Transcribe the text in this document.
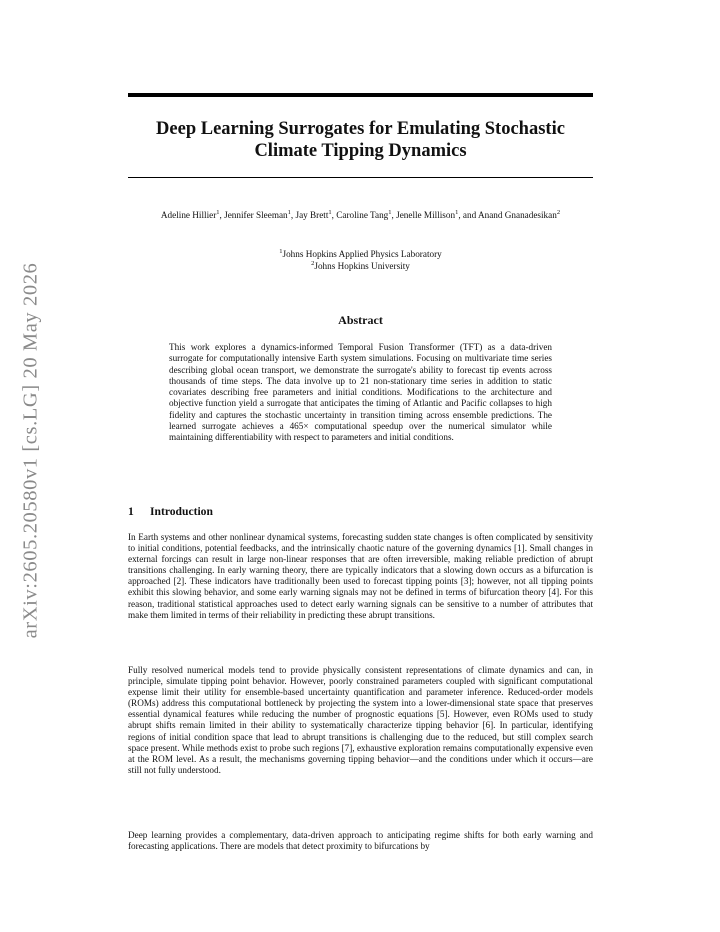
arXiv:2605.20580v1 [cs.LG] 20 May 2026
Deep Learning Surrogates for Emulating Stochastic
Climate Tipping Dynamics
Adeline Hillier$^1$, Jennifer Sleeman$^1$, Jay Brett$^1$, Caroline Tang$^1$, Jenelle Millison$^1$, and Anand Gnanadesikan$^2$
$^1$Johns Hopkins Applied Physics Laboratory
$^2$Johns Hopkins University
Abstract

This work explores a dynamics-informed Temporal Fusion Transformer (TFT) as a data-driven surrogate for computationally intensive Earth system simulations. Focusing on multivariate time series describing global ocean transport, we demonstrate the surrogate's ability to forecast tip events across thousands of time steps. The data involve up to 21 non-stationary time series in addition to static covariates describing free parameters and initial conditions. Modifications to the architecture and objective function yield a surrogate that anticipates the timing of Atlantic and Pacific collapses to high fidelity and captures the stochastic uncertainty in transition timing across ensemble predictions. The learned surrogate achieves a 465× computational speedup over the numerical simulator while maintaining differentiability with respect to parameters and initial conditions.

1 Introduction

In Earth systems and other nonlinear dynamical systems, forecasting sudden state changes is often complicated by sensitivity to initial conditions, potential feedbacks, and the intrinsically chaotic nature of the governing dynamics [1]. Small changes in external forcings can result in large non-linear responses that are often irreversible, making reliable prediction of abrupt transitions challenging. In early warning theory, there are typically indicators that a slowing down occurs as a bifurcation is approached [2]. These indicators have traditionally been used to forecast tipping points [3]; however, not all tipping points exhibit this slowing behavior, and some early warning signals may not be defined in terms of bifurcation theory [4]. For this reason, traditional statistical approaches used to detect early warning signals can be sensitive to a number of attributes that make them limited in terms of their reliability in predicting these abrupt transitions.

Fully resolved numerical models tend to provide physically consistent representations of climate dynamics and can, in principle, simulate tipping point behavior. However, poorly constrained parameters coupled with significant computational expense limit their utility for ensemble-based uncertainty quantification and parameter inference. Reduced-order models (ROMs) address this computational bottleneck by projecting the system into a lower-dimensional state space that preserves essential dynamical features while reducing the number of prognostic equations [5]. However, even ROMs used to study abrupt shifts remain limited in their ability to systematically characterize tipping behavior [6]. In particular, identifying regions of initial condition space that lead to abrupt transitions is challenging due to the reduced, but still complex search space present. While methods exist to probe such regions [7], exhaustive exploration remains computationally expensive even at the ROM level. As a result, the mechanisms governing tipping behavior—and the conditions under which it occurs—are still not fully understood.

Deep learning provides a complementary, data-driven approach to anticipating regime shifts for both early warning and forecasting applications. There are models that detect proximity to bifurcations by
